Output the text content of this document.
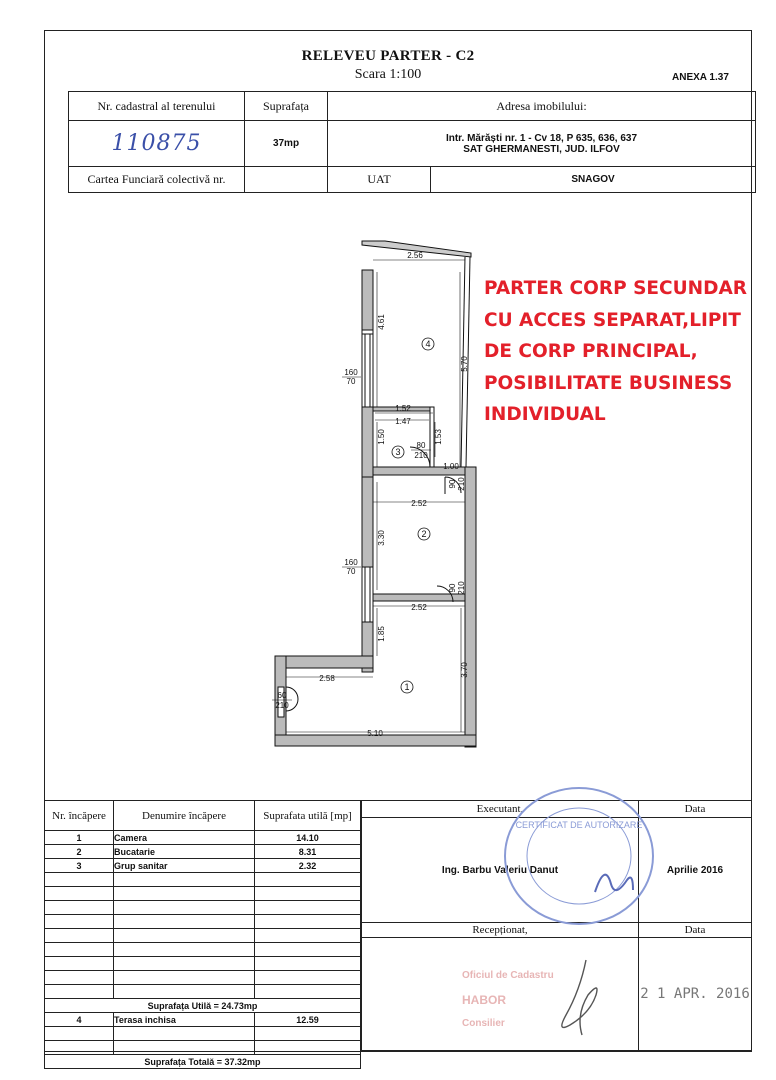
RELEVEU PARTER - C2
Scara 1:100	ANEXA 1.37
Nr. cadastral al terenului	Suprafața	Adresa imobilului:	
110875	37mp	Intr. Mărăști nr. 1 - Cv 18, P 635, 636, 637
SAT GHERMANESTI, JUD. ILFOV	

Cartea Funciară colectivă nr.		UAT	SNAGOV
2.56
4.61
5.70
1.52
1.47
1.50	1.53
1.00
2.52
3.30
2.52
1.85
2.58
3.70
5.10
160
70
160
70
80
210
90 210
90 210
60
210
4
2
3
1
PARTER CORP SECUNDAR CU ACCES SEPARAT,LIPIT DE CORP PRINCIPAL, POSIBILITATE BUSINESS INDIVIDUAL
Nr. încăpere	Denumire încăpere	Suprafata utilă [mp]
1	Camera	14.10
2	Bucatarie	8.31
3	Grup sanitar	2.32

Suprafața Utilă = 24.73mp		
4	Terasa inchisa	12.59

Suprafața Totală = 37.32mp		
Executant,	Data
Ing. Barbu Valeriu Danut	Aprilie 2016
Recepționat,	Data
	2 1 APR. 2016
CERTIFICAT DE AUTORIZARE
Oficiul de Cadastru
HABOR
Consilier
